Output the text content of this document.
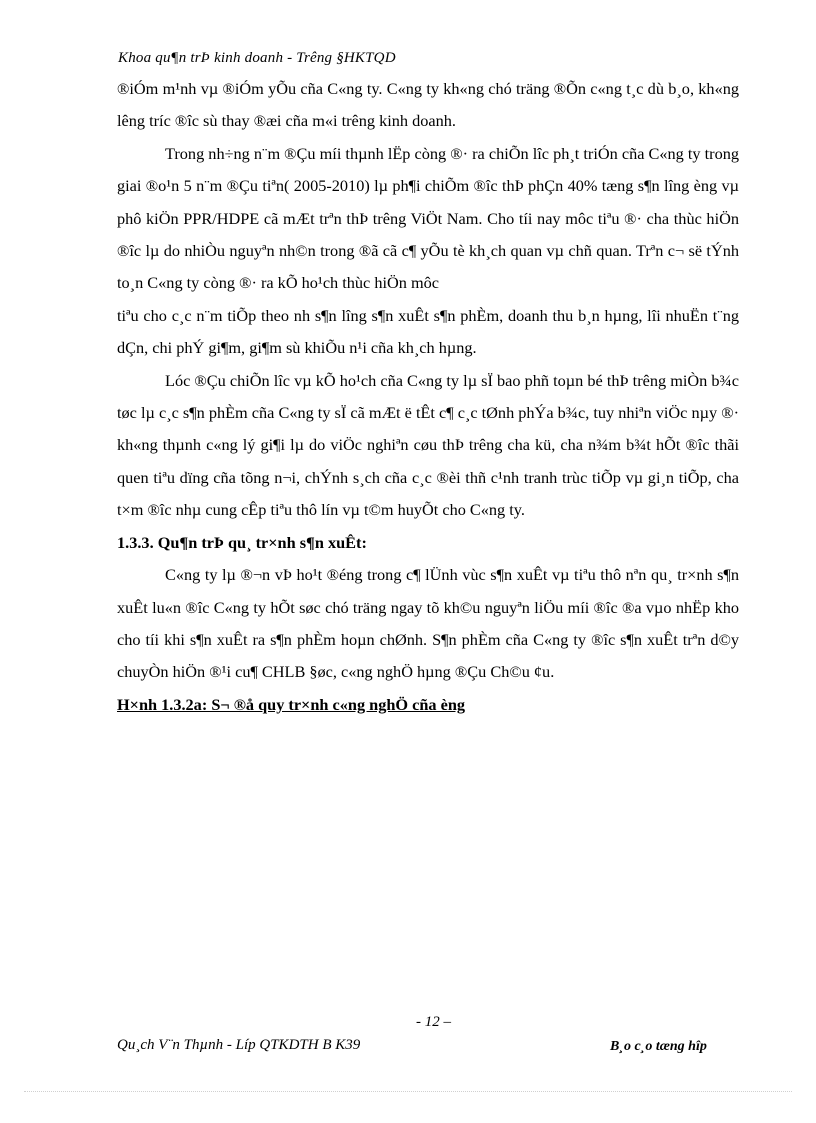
Khoa qu¶n trÞ kinh doanh - Trêng §HKTQD

®iÓm m¹nh vµ ®iÓm yÕu cña C«ng ty. C«ng ty kh«ng chó träng ®Õn c«ng t¸c dù b¸o, kh«ng lêng tríc ®îc sù thay ®æi cña m«i trêng kinh doanh.

Trong nh÷ng n¨m ®Çu míi thµnh lËp còng ®· ra chiÕn lîc ph¸t triÓn cña C«ng ty trong giai ®o¹n 5 n¨m ®Çu tiªn( 2005-2010) lµ ph¶i chiÕm ®îc thÞ phÇn 40% tæng s¶n lîng èng vµ phô kiÖn PPR/HDPE cã mÆt trªn thÞ trêng ViÖt Nam. Cho tíi nay môc tiªu ®· cha thùc hiÖn ®îc lµ do nhiÒu nguyªn nh©n trong ®ã cã c¶ yÕu tè kh¸ch quan vµ chñ quan. Trªn c¬ së tÝnh to¸n C«ng ty còng ®· ra kÕ ho¹ch thùc hiÖn môc

tiªu cho c¸c n¨m tiÕp theo nh s¶n lîng s¶n xuÊt s¶n phÈm, doanh thu b¸n hµng, lîi nhuËn t¨ng dÇn, chi phÝ gi¶m, gi¶m sù khiÕu n¹i cña kh¸ch hµng.

Lóc ®Çu chiÕn lîc vµ kÕ ho¹ch cña C«ng ty lµ sÏ bao phñ toµn bé thÞ trêng miÒn b¾c tøc lµ c¸c s¶n phÈm cña C«ng ty sÏ cã mÆt ë tÊt c¶ c¸c tØnh phÝa b¾c, tuy nhiªn viÖc nµy ®· kh«ng thµnh c«ng lý gi¶i lµ do viÖc nghiªn cøu thÞ trêng cha kü, cha n¾m b¾t hÕt ®îc thãi quen tiªu dïng cña tõng n¬i, chÝnh s¸ch cña c¸c ®èi thñ c¹nh tranh trùc tiÕp vµ gi¸n tiÕp, cha t×m ®îc nhµ cung cÊp tiªu thô lín vµ t©m huyÕt cho C«ng ty.

1.3.3. Qu¶n trÞ qu¸ tr×nh s¶n xuÊt:

C«ng ty lµ ®¬n vÞ ho¹t ®éng trong c¶ lÜnh vùc s¶n xuÊt vµ tiªu thô nªn qu¸ tr×nh s¶n xuÊt lu«n ®îc C«ng ty hÕt søc chó träng ngay tõ kh©u nguyªn liÖu míi ®îc ®a vµo nhËp kho cho tíi khi s¶n xuÊt ra s¶n phÈm hoµn chØnh. S¶n phÈm cña C«ng ty ®îc s¶n xuÊt trªn d©y chuyÒn hiÖn ®¹i cu¶ CHLB §øc, c«ng nghÖ hµng ®Çu Ch©u ¢u.

H×nh 1.3.2a: S¬ ®å quy tr×nh c«ng nghÖ cña èng

- 12 –
Qu¸ch V¨n Thµnh - Líp QTKDTH B K39	B¸o c¸o tæng hîp
